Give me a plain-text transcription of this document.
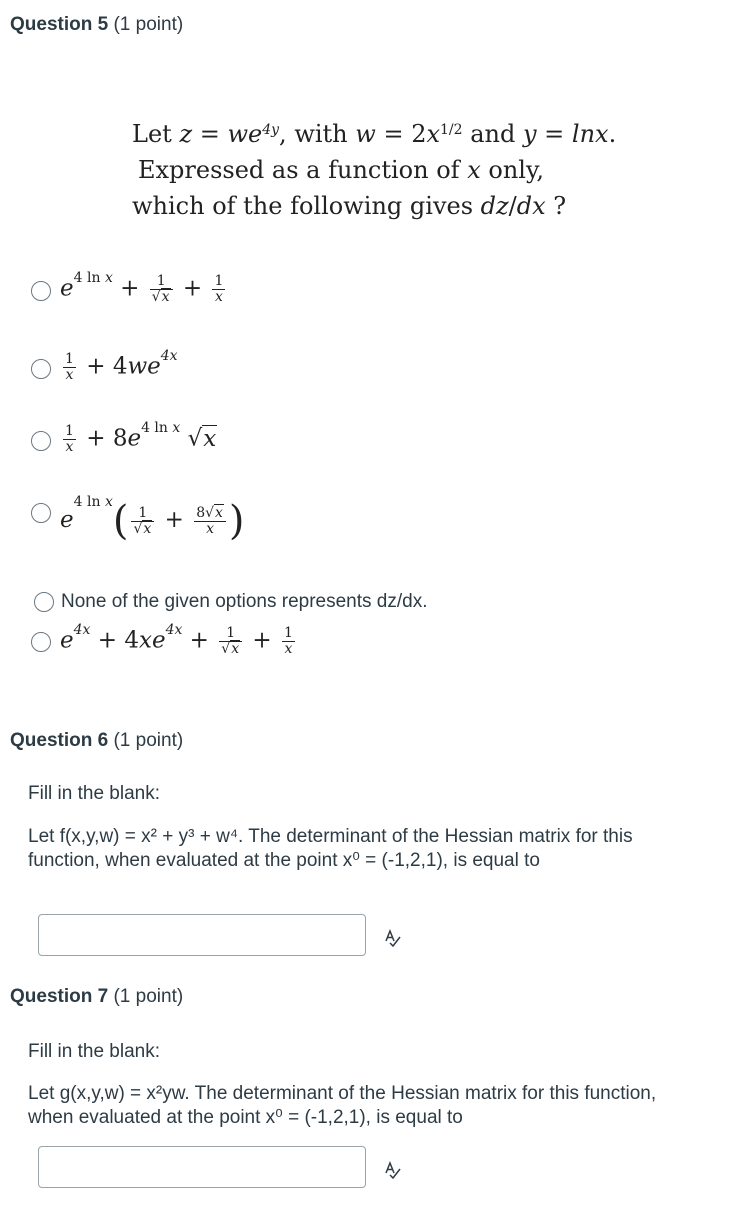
Question 5 (1 point)
Let $z = we^{4y}$, with $w = 2x^{1/2}$ and y = lnx.
Expressed as a function of x only,
which of the following gives dz/dx ?
$e^{4 ln x} + \frac{1}{√x} + \frac{1}{x}$
$\frac{1}{x} + 4we^{4x}$
$\frac{1}{x} + 8e^{4 ln x}$ √x
$e^{4 ln x}( \frac{1}{√x} + \frac{8√x}{x}$ )
None of the given options represents dz/dx.
$e^{4x} + 4xe^{4x} + \frac{1}{√x} + \frac{1}{x}$
Question 6 (1 point)
Fill in the blank:
Let f(x,y,w) = x² + y³ + w⁴. The determinant of the Hessian matrix for this
function, when evaluated at the point x⁰ = (-1,2,1), is equal to
Question 7 (1 point)
Fill in the blank:
Let g(x,y,w) = x²yw. The determinant of the Hessian matrix for this function,
when evaluated at the point x⁰ = (-1,2,1), is equal to
